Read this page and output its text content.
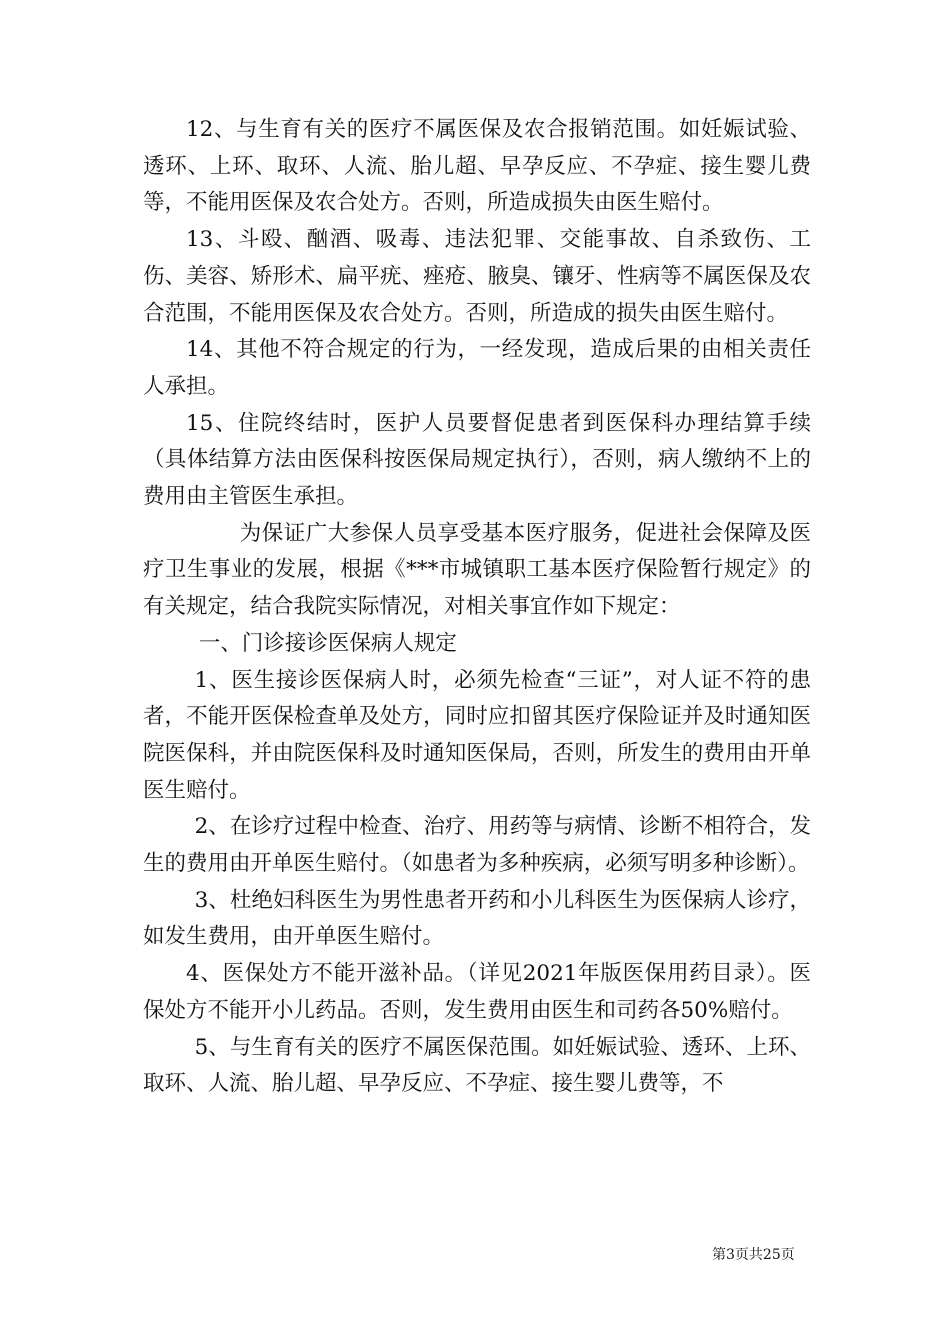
12、与生育有关的医疗不属医保及农合报销范围。如妊娠试验、透环、上环、取环、人流、胎儿超、早孕反应、不孕症、接生婴儿费等，不能用医保及农合处方。否则，所造成损失由医生赔付。

13、斗殴、酗酒、吸毒、违法犯罪、交能事故、自杀致伤、工伤、美容、矫形术、扁平疣、痤疮、腋臭、镶牙、性病等不属医保及农合范围，不能用医保及农合处方。否则，所造成的损失由医生赔付。

14、其他不符合规定的行为，一经发现，造成后果的由相关责任人承担。

15、住院终结时，医护人员要督促患者到医保科办理结算手续（具体结算方法由医保科按医保局规定执行），否则，病人缴纳不上的费用由主管医生承担。

为保证广大参保人员享受基本医疗服务，促进社会保障及医疗卫生事业的发展，根据《***市城镇职工基本医疗保险暂行规定》的有关规定，结合我院实际情况，对相关事宜作如下规定：

一、门诊接诊医保病人规定

1、医生接诊医保病人时，必须先检查“三证”，对人证不符的患者，不能开医保检查单及处方，同时应扣留其医疗保险证并及时通知医院医保科，并由院医保科及时通知医保局，否则，所发生的费用由开单医生赔付。

2、在诊疗过程中检查、治疗、用药等与病情、诊断不相符合，发生的费用由开单医生赔付。（如患者为多种疾病，必须写明多种诊断）。

3、杜绝妇科医生为男性患者开药和小儿科医生为医保病人诊疗，如发生费用，由开单医生赔付。

4、医保处方不能开滋补品。（详见2021年版医保用药目录）。医保处方不能开小儿药品。否则，发生费用由医生和司药各50%赔付。

5、与生育有关的医疗不属医保范围。如妊娠试验、透环、上环、取环、人流、胎儿超、早孕反应、不孕症、接生婴儿费等，不

第3页共25页
